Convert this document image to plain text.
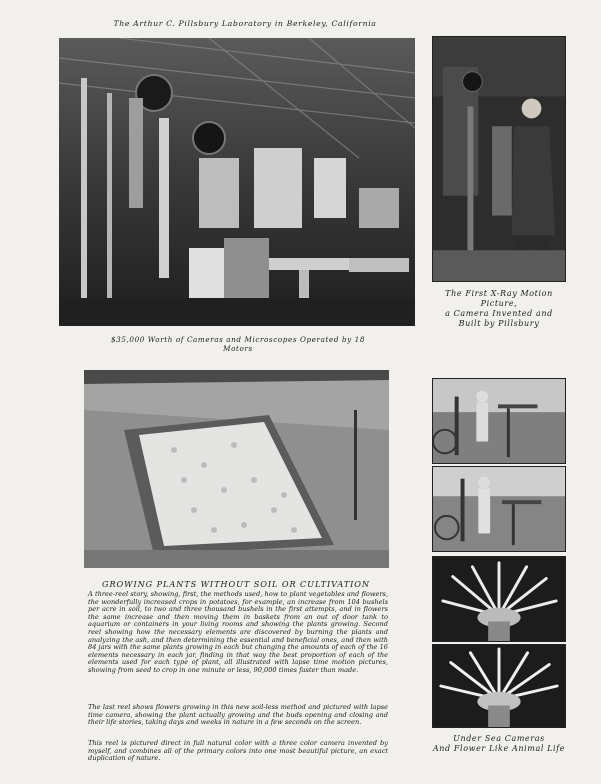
The Arthur C. Pillsbury Laboratory in Berkeley, California
$35,000 Worth of Cameras and Microscopes Operated by 18 Motors
The First X-Ray Motion Picture,
a Camera Invented and
Built by Pillsbury
GROWING PLANTS WITHOUT SOIL OR CULTIVATION

A three-reel story, showing, first, the methods used, how to plant vegetables and flowers, the wonderfully increased crops in potatoes, for example, an increase from 104 bushels per acre in soil, to two and three thousand bushels in the first attempts, and in flowers the same increase and then moving them in baskets from an out of door tank to aquarium or containers in your living rooms and showing the plants growing. Second reel showing how the necessary elements are discovered by burning the plants and analyzing the ash, and then determining the essential and beneficial ones, and then with 84 jars with the same plants growing in each but changing the amounts of each of the 16 elements necessary in each jar, finding in that way the best proportion of each of the elements used for each type of plant, all illustrated with lapse time motion pictures, showing from seed to crop in one minute or less, 90,000 times faster than made.

The last reel shows flowers growing in this new soil-less method and pictured with lapse time camera, showing the plant actually growing and the buds opening and closing and their life stories, taking days and weeks in nature in a few seconds on the screen.

This reel is pictured direct in full natural color with a three color camera invented by myself, and combines all of the primary colors into one most beautiful picture, an exact duplication of nature.

Under Sea Cameras
And Flower Like Animal Life
